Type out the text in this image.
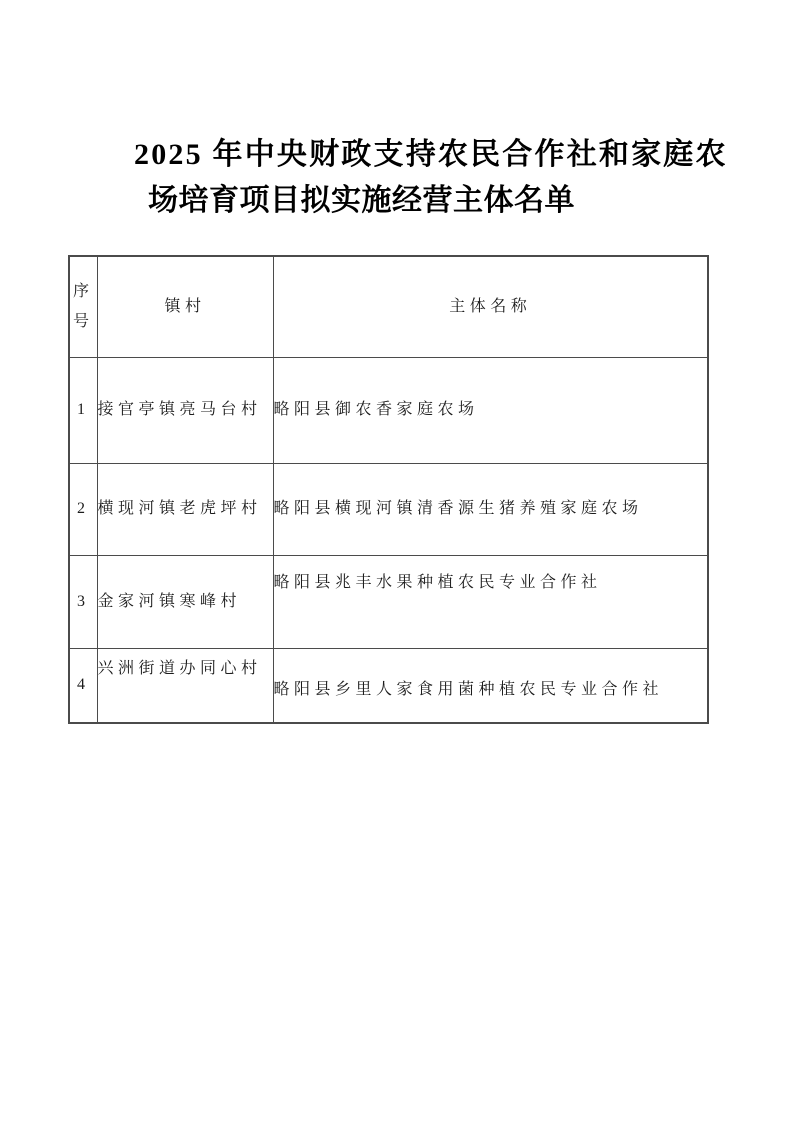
2025 年中央财政支持农民合作社和家庭农
场培育项目拟实施经营主体名单
序号	镇村	主体名称
1	接官亭镇亮马台村	略阳县御农香家庭农场
2	横现河镇老虎坪村	略阳县横现河镇清香源生猪养殖家庭农场
3	金家河镇寒峰村	略阳县兆丰水果种植农民专业合作社
4	兴洲街道办同心村	略阳县乡里人家食用菌种植农民专业合作社
